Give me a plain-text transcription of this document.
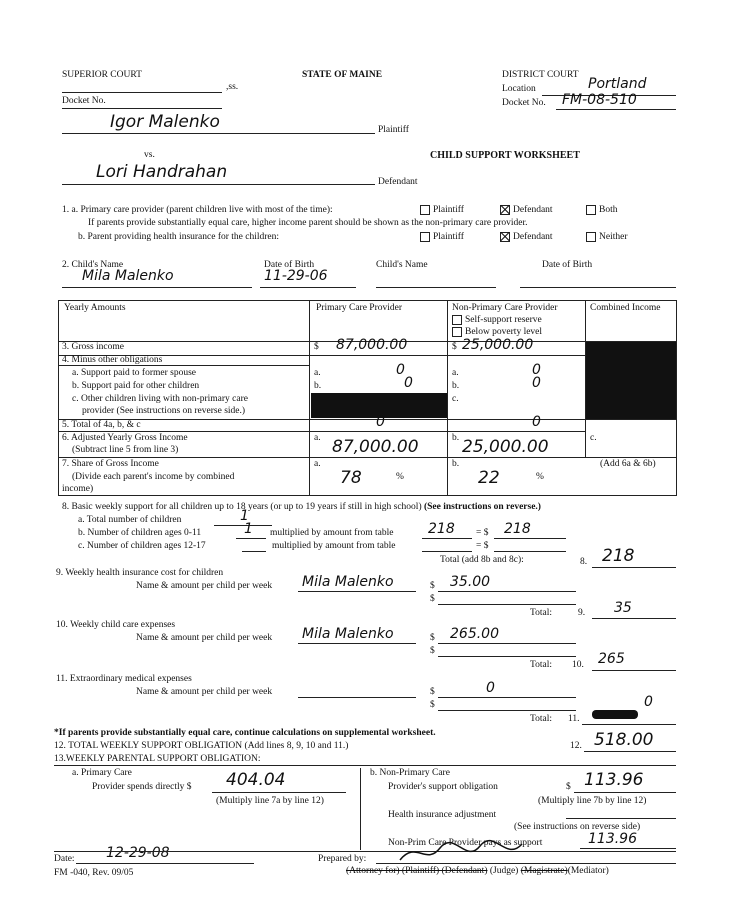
SUPERIOR COURT
,ss.
Docket No.
STATE OF MAINE	DISTRICT COURT
Location	Portland
Docket No. FM-08-510
Igor Malenko	Plaintiff
vs.	CHILD SUPPORT WORKSHEET
Lori Handrahan	Defendant
1. a. Primary care provider (parent children live with most of the time):	Plaintiff	Defendant	Both
If parents provide substantially equal care, higher income parent should be shown as the non-primary care provider.
b. Parent providing health insurance for the children:	Plaintiff	Defendant	Neither
2. Child's Name
Mila Malenko
Date of Birth
11-29-06
Child's Name	Date of Birth
Yearly Amounts	Primary Care Provider	Non-Primary Care Provider
Self-support reserve
Below poverty level
Combined Income
3. Gross income	$ 87,000.00	$ 25,000.00
4. Minus other obligations
a. Support paid to former spouse	a.	0	a.	0
b. Support paid for other children	b.	0	b.	0
c. Other children living with non-primary care
provider (See instructions on reverse side.)
c.
5. Total of 4a, b, & c	0	0
6. Adjusted Yearly Gross Income
(Subtract line 5 from line 3)
a. 87,000.00	b. 25,000.00	c.
7. Share of Gross Income
(Divide each parent's income by combined
income)
a.
78	%
b.
22	%
(Add 6a & 6b)
8. Basic weekly support for all children up to 18 years (or up to 19 years if still in high school) (See instructions on reverse.)
a. Total number of children	1
b. Number of children ages 0-11	1 multiplied by amount from table 218 = $ 218
c. Number of children ages 12-17	multiplied by amount from table	= $
Total (add 8b and 8c):	8. 218
9. Weekly health insurance cost for children
Name & amount per child per week Mila Malenko	$ 35.00
$
Total:	9. 35
10. Weekly child care expenses
Name & amount per child per week Mila Malenko	$ 265.00
$
Total: 10. 265
11. Extraordinary medical expenses
Name & amount per child per week	$	0
$
Total: 11.
0
*If parents provide substantially equal care, continue calculations on supplemental worksheet.
12. TOTAL WEEKLY SUPPORT OBLIGATION (Add lines 8, 9, 10 and 11.)	12. 518.00
13.WEEKLY PARENTAL SUPPORT OBLIGATION:
a. Primary Care
Provider spends directly $ 404.04
(Multiply line 7a by line 12)
b. Non-Primary Care
Provider's support obligation	$ 113.96
(Multiply line 7b by line 12)
Health insurance adjustment
(See instructions on reverse side)
Non-Prim Care Provider pays as support	113.96
Date: 12-29-08	Prepared by:
FM -040, Rev. 09/05	(Attorney for) (Plaintiff) (Defendant) (Judge) (Magistrate)(Mediator)
